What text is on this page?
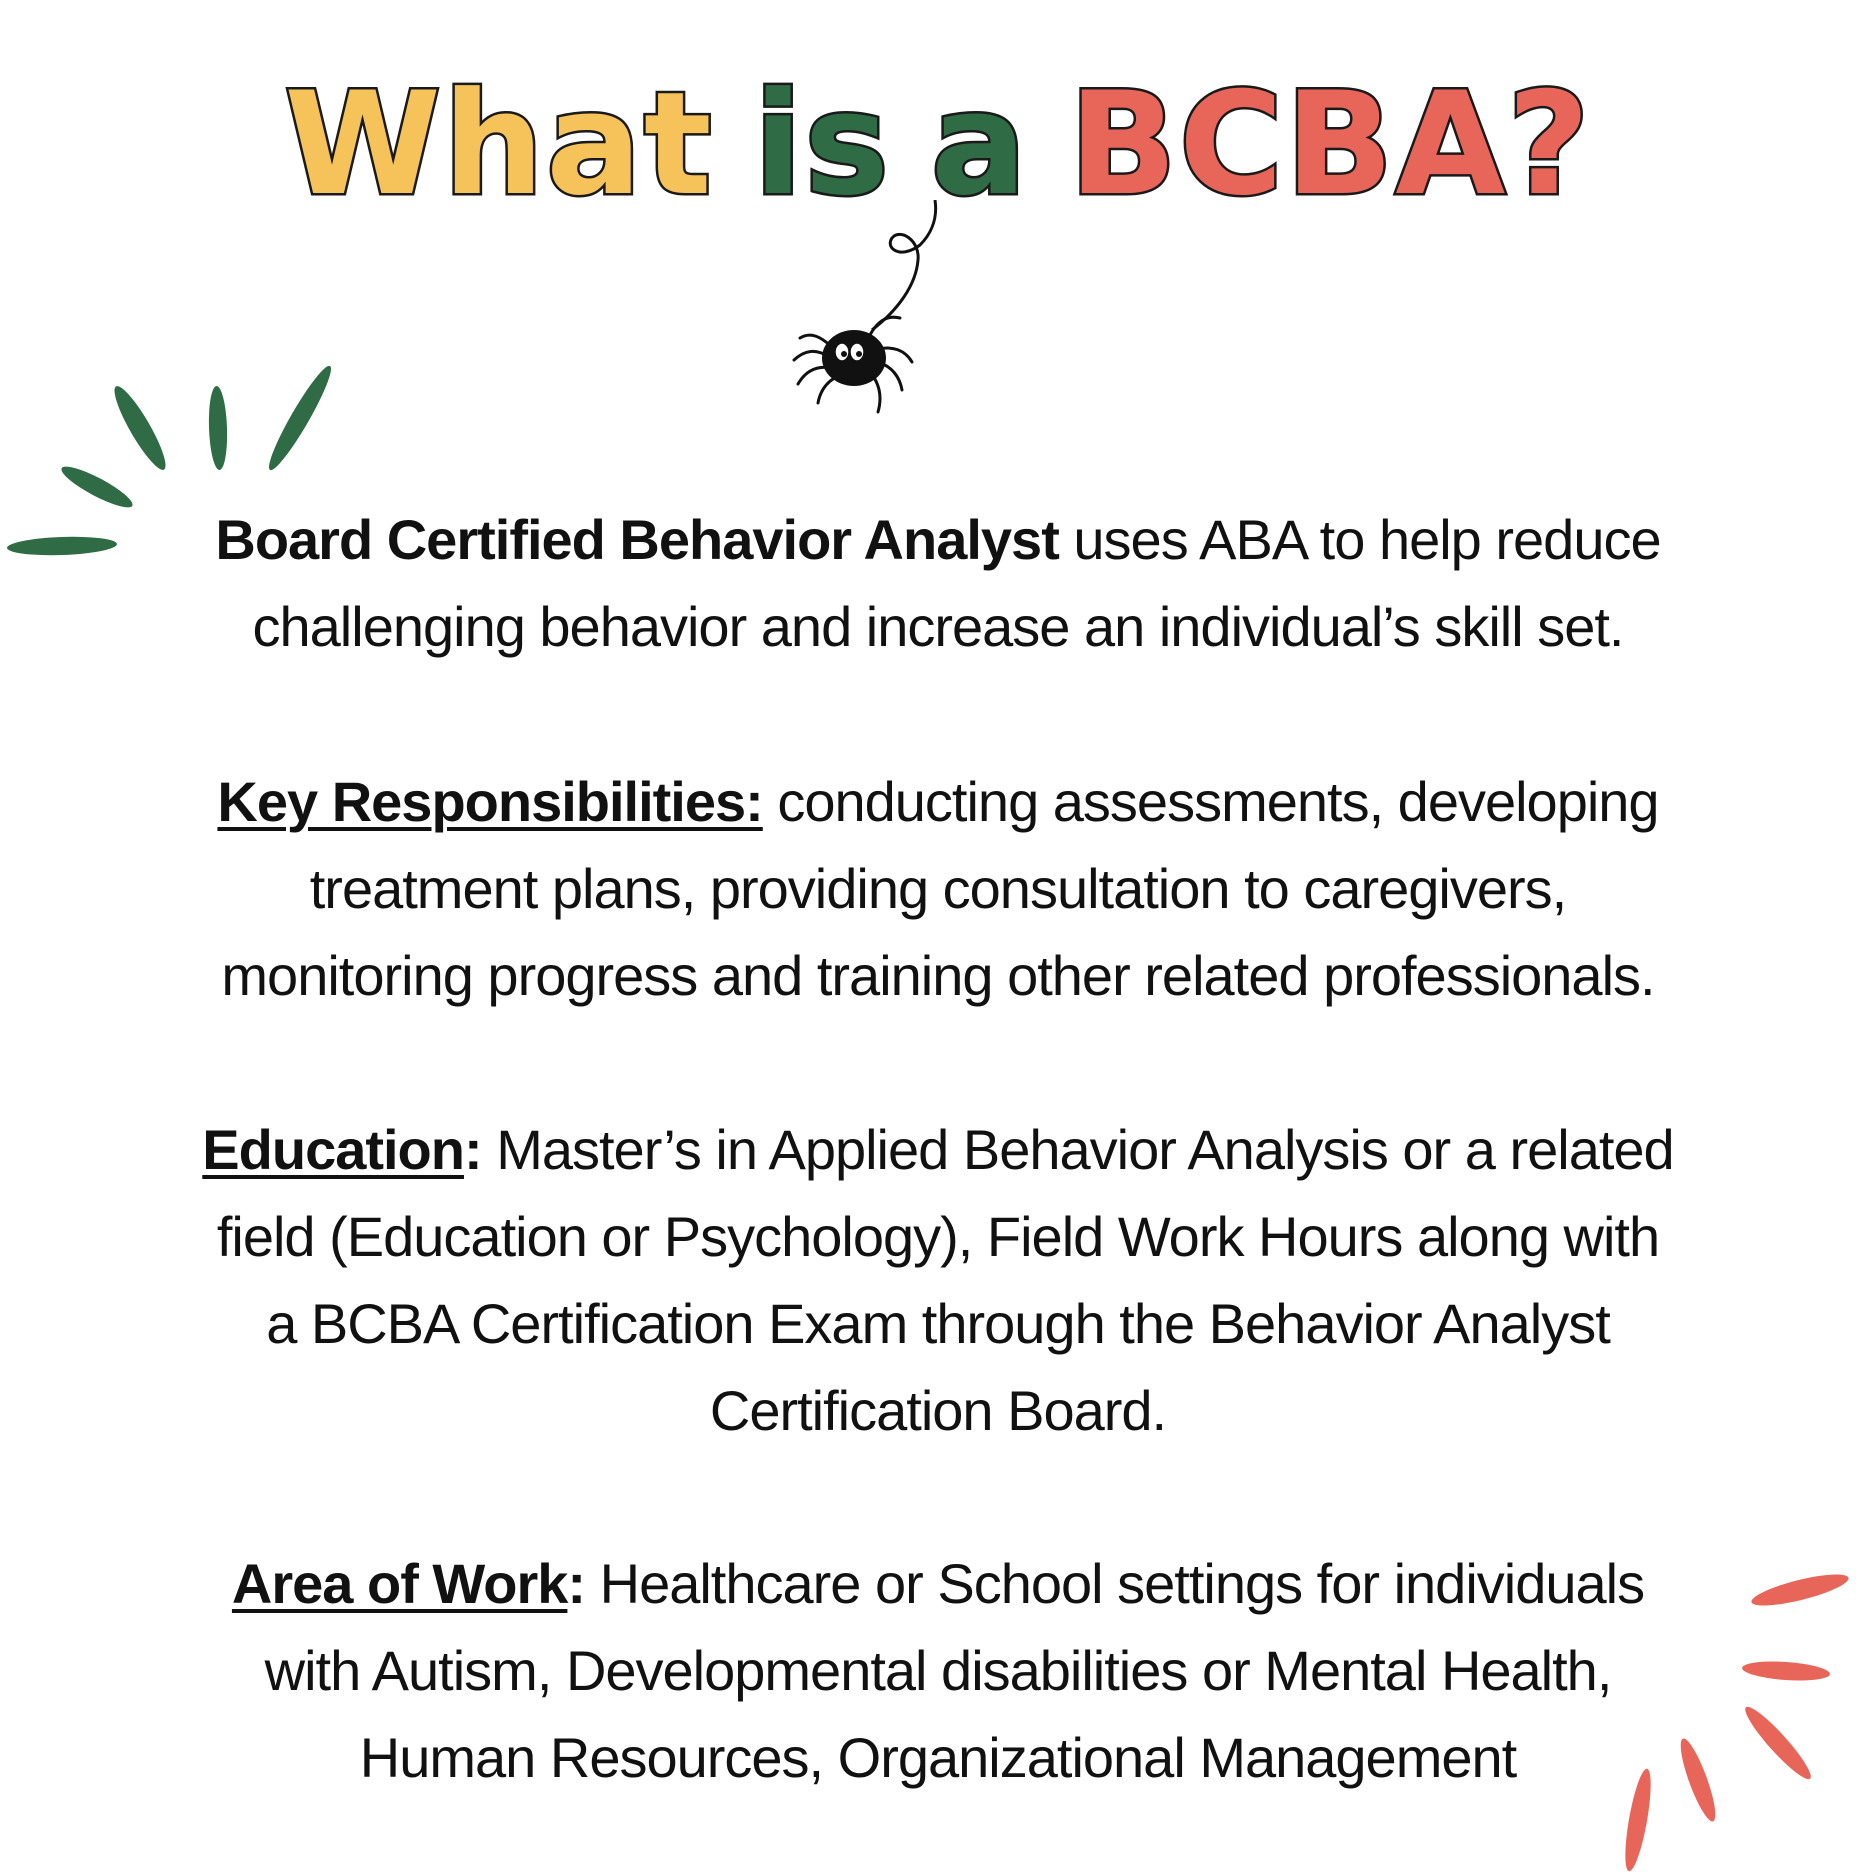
What is a BCBA?
Board Certified Behavior Analyst uses ABA to help reduce
challenging behavior and increase an individual’s skill set.
Key Responsibilities: conducting assessments, developing
treatment plans, providing consultation to caregivers,
monitoring progress and training other related professionals.
Education: Master’s in Applied Behavior Analysis or a related
field (Education or Psychology), Field Work Hours along with
a BCBA Certification Exam through the Behavior Analyst
Certification Board.
Area of Work: Healthcare or School settings for individuals
with Autism, Developmental disabilities or Mental Health,
Human Resources, Organizational Management
